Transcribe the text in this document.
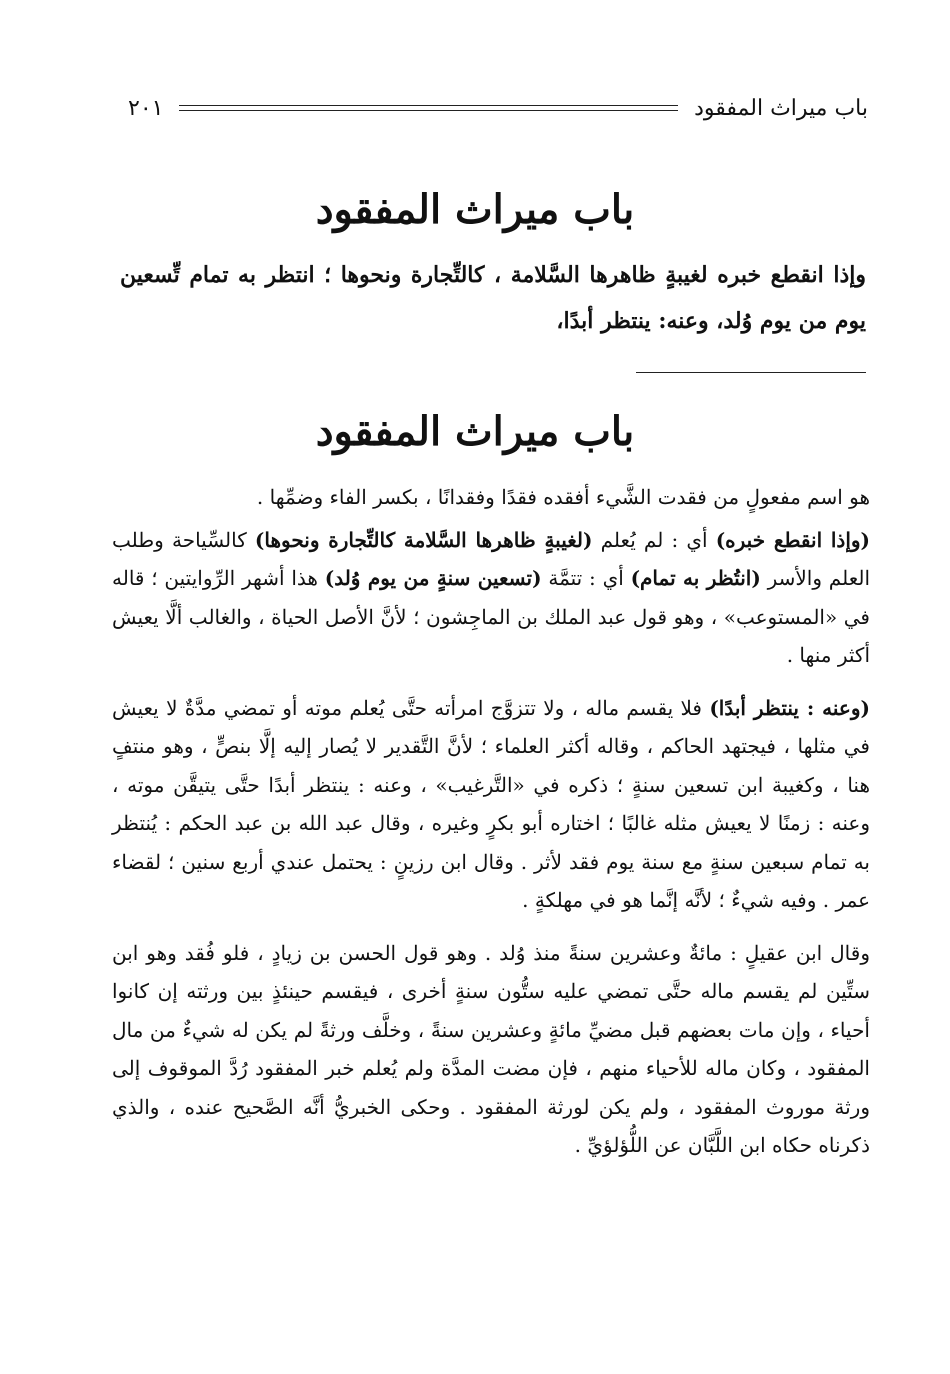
باب ميراث المفقود
٢٠١
باب ميراث المفقود

وإذا انقطع خبره لغيبةٍ ظاهرها السَّلامة ، كالتِّجارة ونحوها ؛ انتظر به تمام تِّسعين يوم من يوم وُلد، وعنه: ينتظر أبدًا،

باب ميراث المفقود

هو اسم مفعولٍ من فقدت الشَّيء أفقده فقدًا وفقدانًا ، بكسر الفاء وضمِّها .

(وإذا انقطع خبره) أي : لم يُعلم (لغيبةٍ ظاهرها السَّلامة كالتِّجارة ونحوها) كالسِّياحة وطلب العلم والأسر (انتُظر به تمام) أي : تتمَّة (تسعين سنةٍ من يوم وُلد) هذا أشهر الرِّوايتين ؛ قاله في «المستوعب» ، وهو قول عبد الملك بن الماجِشون ؛ لأنَّ الأصل الحياة ، والغالب ألَّا يعيش أكثر منها .

(وعنه : ينتظر أبدًا) فلا يقسم ماله ، ولا تتزوَّج امرأته حتَّى يُعلم موته أو تمضي مدَّةٌ لا يعيش في مثلها ، فيجتهد الحاكم ، وقاله أكثر العلماء ؛ لأنَّ التَّقدير لا يُصار إليه إلَّا بنصٍّ ، وهو منتفٍ هنا ، وكغيبة ابن تسعين سنةٍ ؛ ذكره في «التَّرغيب» ، وعنه : ينتظر أبدًا حتَّى يتيقَّن موته ، وعنه : زمنًا لا يعيش مثله غالبًا ؛ اختاره أبو بكرٍ وغيره ، وقال عبد الله بن عبد الحكم : يُنتظر به تمام سبعين سنةٍ مع سنة يوم فقد لأثر . وقال ابن رزينٍ : يحتمل عندي أربع سنين ؛ لقضاء عمر . وفيه شيءٌ ؛ لأنَّه إنَّما هو في مهلكةٍ .

وقال ابن عقيلٍ : مائةٌ وعشرين سنةً منذ وُلد . وهو قول الحسن بن زيادٍ ، فلو فُقد وهو ابن ستِّين لم يقسم ماله حتَّى تمضي عليه ستُّون سنةٍ أخرى ، فيقسم حينئذٍ بين ورثته إن كانوا أحياء ، وإن مات بعضهم قبل مضيِّ مائةٍ وعشرين سنةً ، وخلَّف ورثةً لم يكن له شيءٌ من مال المفقود ، وكان ماله للأحياء منهم ، فإن مضت المدَّة ولم يُعلم خبر المفقود رُدَّ الموقوف إلى ورثة موروث المفقود ، ولم يكن لورثة المفقود . وحكى الخبريُّ أنَّه الصَّحيح عنده ، والذي ذكرناه حكاه ابن اللَّبَّان عن اللُّؤلؤيِّ .
